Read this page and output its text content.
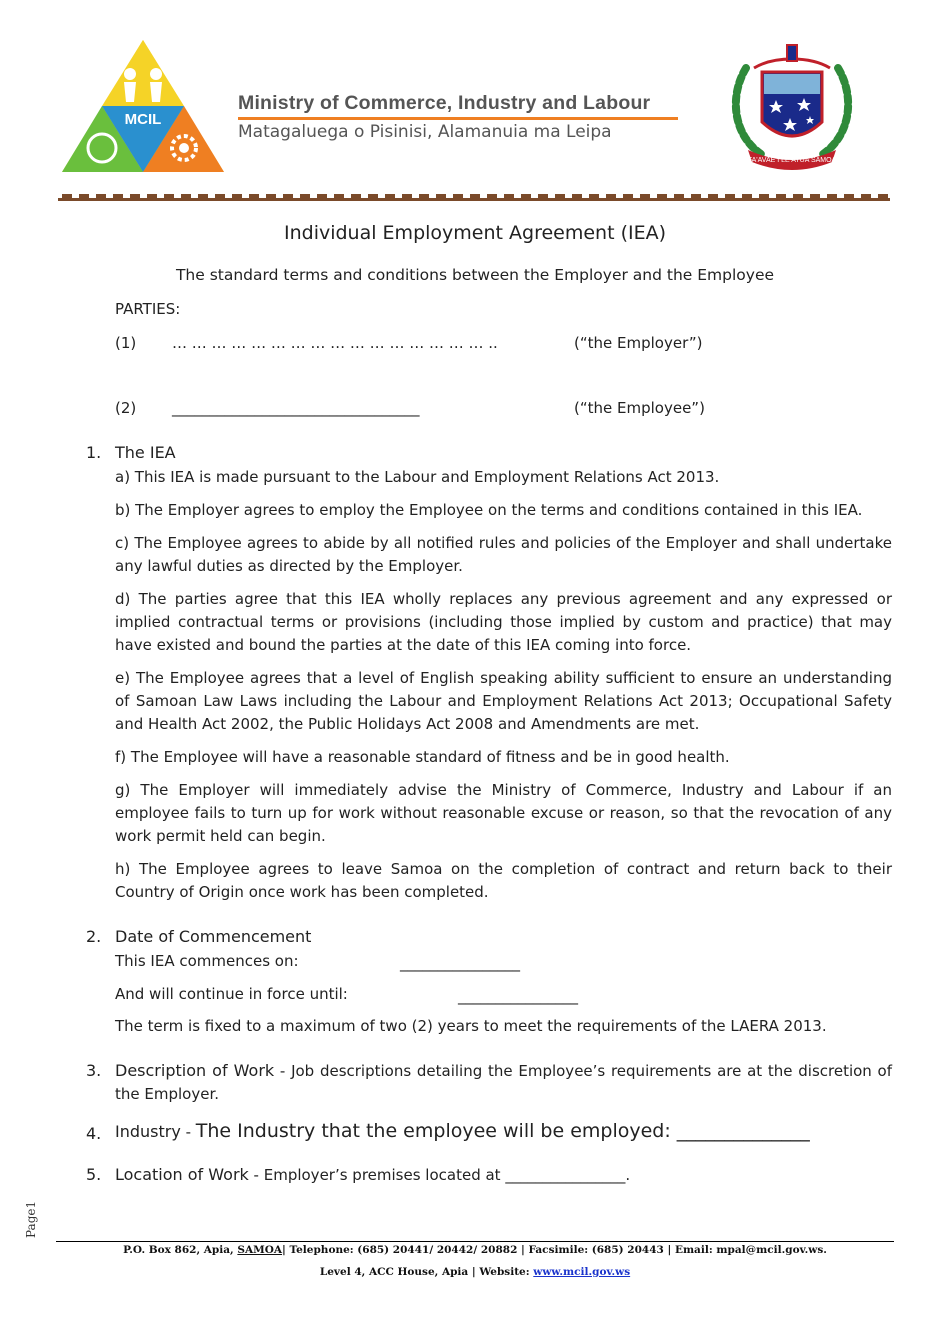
MCIL
Ministry of Commerce, Industry and Labour
Matagaluega o Pisinisi, Alamanuia ma Leipa
FA'AVAE I LE ATUA SAMOA
Individual Employment Agreement (IEA)
The standard terms and conditions between the Employer and the Employee
PARTIES:
(1) … … … … … … … … … … … … … … … … ..	(“the Employer”)
(2) _________________________________	(“the Employee”)
1. The IEA
a) This IEA is made pursuant to the Labour and Employment Relations Act 2013.
b) The Employer agrees to employ the Employee on the terms and conditions contained in this IEA.
c) The Employee agrees to abide by all notified rules and policies of the Employer and shall undertake any lawful duties as directed by the Employer.
d) The parties agree that this IEA wholly replaces any previous agreement and any expressed or implied contractual terms or provisions (including those implied by custom and practice) that may have existed and bound the parties at the date of this IEA coming into force.
e) The Employee agrees that a level of English speaking ability sufficient to ensure an understanding of Samoan Law Laws including the Labour and Employment Relations Act 2013; Occupational Safety and Health Act 2002, the Public Holidays Act 2008 and Amendments are met.
f) The Employee will have a reasonable standard of fitness and be in good health.
g) The Employer will immediately advise the Ministry of Commerce, Industry and Labour if an employee fails to turn up for work without reasonable excuse or reason, so that the revocation of any work permit held can begin.
h) The Employee agrees to leave Samoa on the completion of contract and return back to their Country of Origin once work has been completed.
2. Date of Commencement
This IEA commences on:	________________
And will continue in force until:	________________
The term is fixed to a maximum of two (2) years to meet the requirements of the LAERA 2013.
3. Description of Work - Job descriptions detailing the Employee’s requirements are at the discretion of the Employer.
4. Industry - The Industry that the employee will be employed: ______________
5. Location of Work - Employer’s premises located at ________________.
Page1
P.O. Box 862, Apia, SAMOA| Telephone: (685) 20441/ 20442/ 20882 | Facsimile: (685) 20443 | Email: mpal@mcil.gov.ws.
Level 4, ACC House, Apia | Website: www.mcil.gov.ws
